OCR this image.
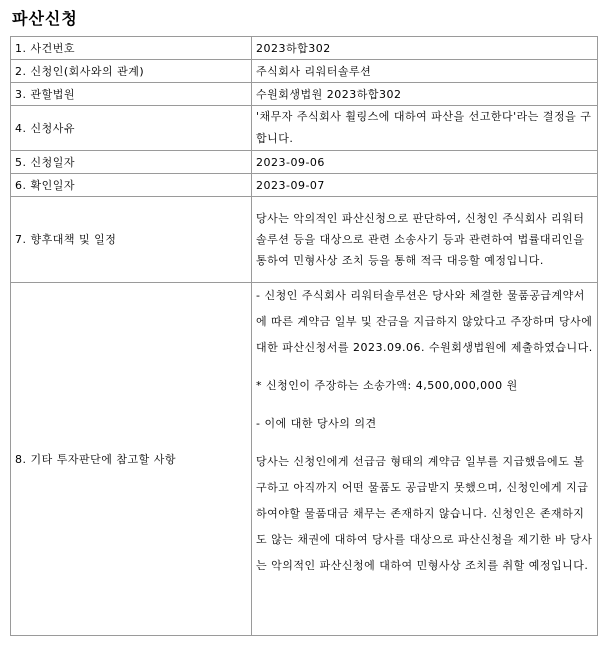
파산신청
1. 사건번호	2023하합302
2. 신청인(회사와의 관계)	주식회사 리워터솔루션
3. 관할법원	수원회생법원 2023하합302
4. 신청사유	'채무자 주식회사 휠링스에 대하여 파산을 선고한다'라는 결정을 구합니다.
5. 신청일자	2023-09-06
6. 확인일자	2023-09-07
7. 향후대책 및 일정	당사는 악의적인 파산신청으로 판단하여, 신청인 주식회사 리워터솔루션 등을 대상으로 관련 소송사기 등과 관련하여 법률대리인을 통하여 민형사상 조치 등을 통해 적극 대응할 예정입니다.
8. 기타 투자판단에 참고할 사항	- 신청인 주식회사 리워터솔루션은 당사와 체결한 물품공급계약서에 따른 계약금 일부 및 잔금을 지급하지 않았다고 주장하며 당사에 대한 파산신청서를 2023.09.06. 수원회생법원에 제출하였습니다.
* 신청인이 주장하는 소송가액: 4,500,000,000 원
- 이에 대한 당사의 의견
당사는 신청인에게 선급금 형태의 계약금 일부를 지급했음에도 불구하고 아직까지 어떤 물품도 공급받지 못했으며, 신청인에게 지급하여야할 물품대금 채무는 존재하지 않습니다. 신청인은 존재하지도 않는 채권에 대하여 당사를 대상으로 파산신청을 제기한 바 당사는 악의적인 파산신청에 대하여 민형사상 조치를 취할 예정입니다.
